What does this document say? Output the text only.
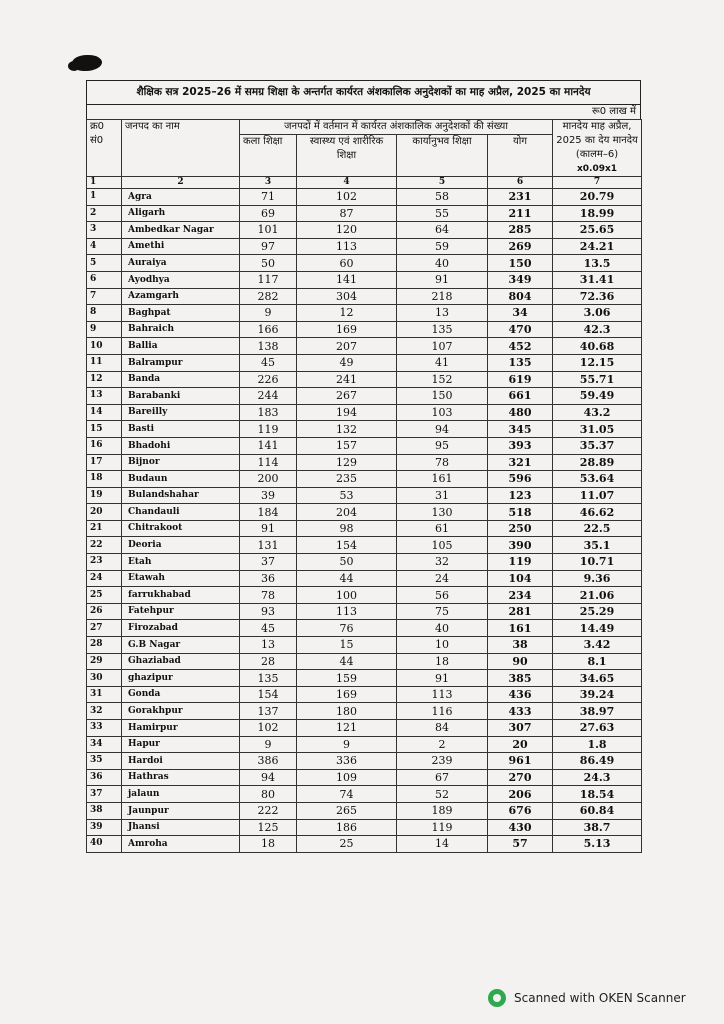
शैक्षिक सत्र 2025–26 में समग्र शिक्षा के अन्तर्गत कार्यरत अंशकालिक अनुदेशकों का माह अप्रैल, 2025 का मानदेय
रू0 लाख में
क्र0 सं0	जनपद का नाम	जनपदों में वर्तमान में कार्यरत अंशकालिक अनुदेशकों की संख्या				मानदेय माह अप्रैल, 2025 का देय मानदेय (कालम–6)
x0.09x1

		कला शिक्षा	स्वास्थ्य एवं शारीरिक शिक्षा	कार्यानुभव शिक्षा	योग	
1	2	3	4	5	6	7
1	Agra	71	102	58	231	20.79
2	Aligarh	69	87	55	211	18.99
3	Ambedkar Nagar	101	120	64	285	25.65
4	Amethi	97	113	59	269	24.21
5	Auraiya	50	60	40	150	13.5
6	Ayodhya	117	141	91	349	31.41
7	Azamgarh	282	304	218	804	72.36
8	Baghpat	9	12	13	34	3.06
9	Bahraich	166	169	135	470	42.3
10	Ballia	138	207	107	452	40.68
11	Balrampur	45	49	41	135	12.15
12	Banda	226	241	152	619	55.71
13	Barabanki	244	267	150	661	59.49
14	Bareilly	183	194	103	480	43.2
15	Basti	119	132	94	345	31.05
16	Bhadohi	141	157	95	393	35.37
17	Bijnor	114	129	78	321	28.89
18	Budaun	200	235	161	596	53.64
19	Bulandshahar	39	53	31	123	11.07
20	Chandauli	184	204	130	518	46.62
21	Chitrakoot	91	98	61	250	22.5
22	Deoria	131	154	105	390	35.1
23	Etah	37	50	32	119	10.71
24	Etawah	36	44	24	104	9.36
25	farrukhabad	78	100	56	234	21.06
26	Fatehpur	93	113	75	281	25.29
27	Firozabad	45	76	40	161	14.49
28	G.B Nagar	13	15	10	38	3.42
29	Ghaziabad	28	44	18	90	8.1
30	ghazipur	135	159	91	385	34.65
31	Gonda	154	169	113	436	39.24
32	Gorakhpur	137	180	116	433	38.97
33	Hamirpur	102	121	84	307	27.63
34	Hapur	9	9	2	20	1.8
35	Hardoi	386	336	239	961	86.49
36	Hathras	94	109	67	270	24.3
37	jalaun	80	74	52	206	18.54
38	Jaunpur	222	265	189	676	60.84
39	Jhansi	125	186	119	430	38.7
40	Amroha	18	25	14	57	5.13
Scanned with OKEN Scanner
